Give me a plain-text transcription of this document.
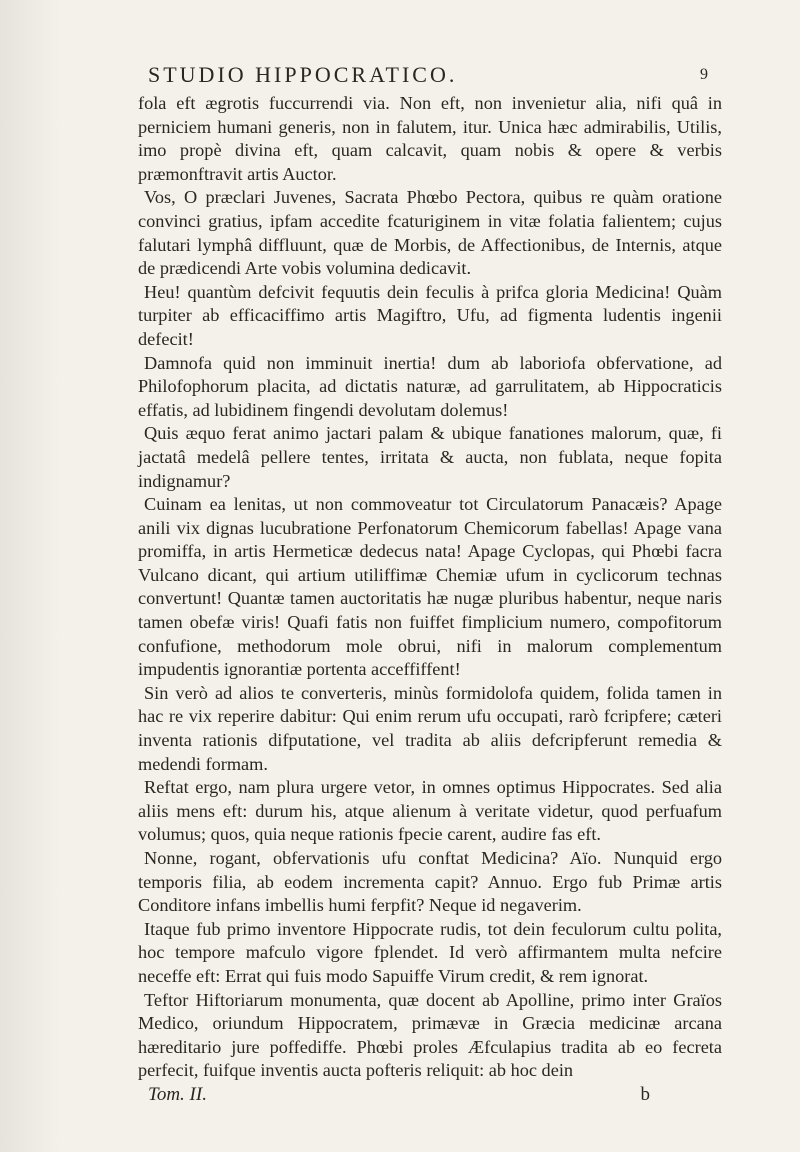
STUDIO HIPPOCRATICO.	9

fola eft ægrotis fuccurrendi via. Non eft, non invenietur alia, nifi quâ in perniciem humani generis, non in falutem, itur. Unica hæc admirabilis, Utilis, imo propè divina eft, quam calcavit, quam nobis & opere & verbis præmonftravit artis Auctor.

Vos, O præclari Juvenes, Sacrata Phœbo Pectora, quibus re quàm oratione convinci gratius, ipfam accedite fcaturiginem in vitæ folatia falientem; cujus falutari lymphâ diffluunt, quæ de Morbis, de Affectionibus, de Internis, atque de prædicendi Arte vobis volumina dedicavit.

Heu! quantùm defcivit fequutis dein feculis à prifca gloria Medicina! Quàm turpiter ab efficaciffimo artis Magiftro, Ufu, ad figmenta ludentis ingenii defecit!

Damnofa quid non imminuit inertia! dum ab laboriofa obfervatione, ad Philofophorum placita, ad dictatis naturæ, ad garrulitatem, ab Hippocraticis effatis, ad lubidinem fingendi devolutam dolemus!

Quis æquo ferat animo jactari palam & ubique fanationes malorum, quæ, fi jactatâ medelâ pellere tentes, irritata & aucta, non fublata, neque fopita indignamur?

Cuinam ea lenitas, ut non commoveatur tot Circulatorum Panacæis? Apage anili vix dignas lucubratione Perfonatorum Chemicorum fabellas! Apage vana promiffa, in artis Hermeticæ dedecus nata! Apage Cyclopas, qui Phœbi facra Vulcano dicant, qui artium utiliffimæ Chemiæ ufum in cyclicorum technas convertunt! Quantæ tamen auctoritatis hæ nugæ pluribus habentur, neque naris tamen obefæ viris! Quafi fatis non fuiffet fimplicium numero, compofitorum confufione, methodorum mole obrui, nifi in malorum complementum impudentis ignorantiæ portenta acceffiffent!

Sin verò ad alios te converteris, minùs formidolofa quidem, folida tamen in hac re vix reperire dabitur: Qui enim rerum ufu occupati, rarò fcripfere; cæteri inventa rationis difputatione, vel tradita ab aliis defcripferunt remedia & medendi formam.

Reftat ergo, nam plura urgere vetor, in omnes optimus Hippocrates. Sed alia aliis mens eft: durum his, atque alienum à veritate videtur, quod perfuafum volumus; quos, quia neque rationis fpecie carent, audire fas eft.

Nonne, rogant, obfervationis ufu conftat Medicina? Aïo. Nunquid ergo temporis filia, ab eodem incrementa capit? Annuo. Ergo fub Primæ artis Conditore infans imbellis humi ferpfit? Neque id negaverim.

Itaque fub primo inventore Hippocrate rudis, tot dein feculorum cultu polita, hoc tempore mafculo vigore fplendet. Id verò affirmantem multa nefcire neceffe eft: Errat qui fuis modo Sapuiffe Virum credit, & rem ignorat.

Teftor Hiftoriarum monumenta, quæ docent ab Apolline, primo inter Graïos Medico, oriundum Hippocratem, primævæ in Græcia medicinæ arcana hæreditario jure poffediffe. Phœbi proles Æfculapius tradita ab eo fecreta perfecit, fuifque inventis aucta pofteris reliquit: ab hoc dein

Tom. II.	b
